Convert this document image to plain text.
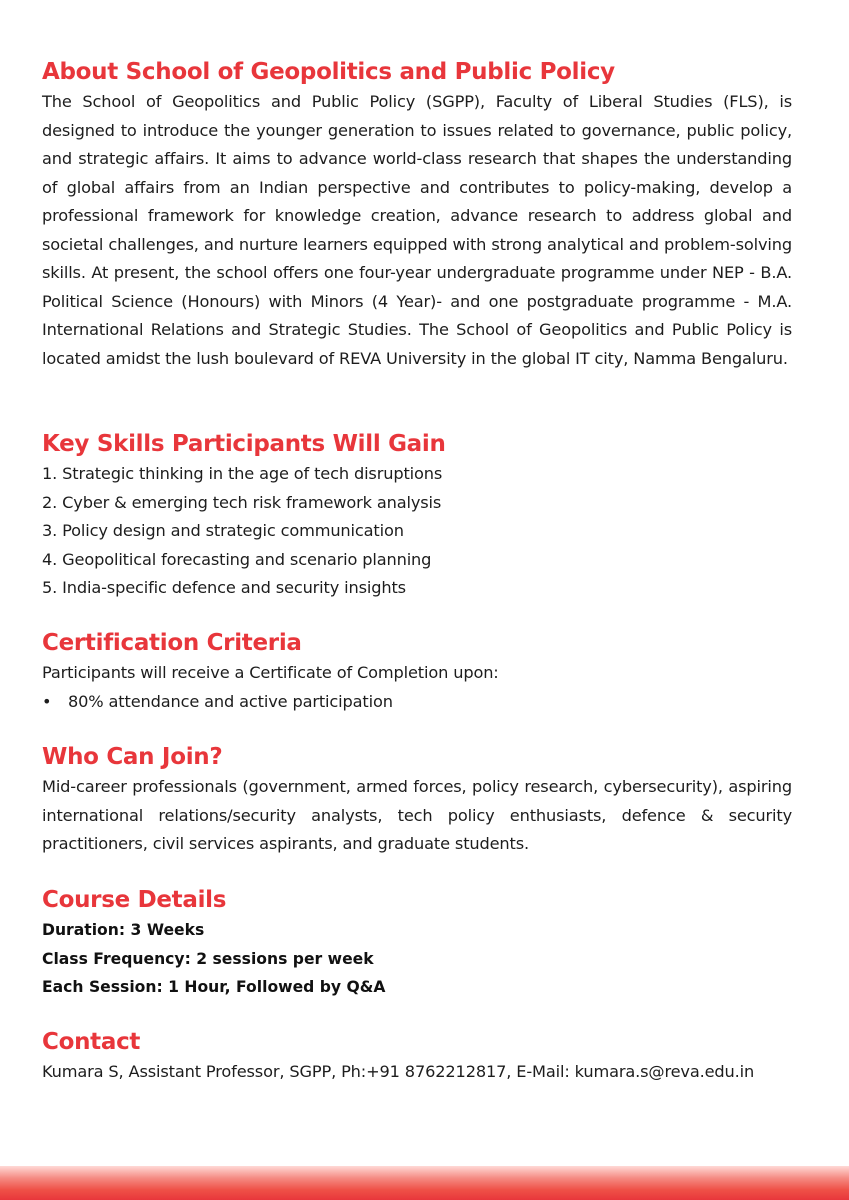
About School of Geopolitics and Public Policy

The School of Geopolitics and Public Policy (SGPP), Faculty of Liberal Studies (FLS), is designed to introduce the younger generation to issues related to governance, public policy, and strategic affairs. It aims to advance world-class research that shapes the understanding of global affairs from an Indian perspective and contributes to policy-making, develop a professional framework for knowledge creation, advance research to address global and societal challenges, and nurture learners equipped with strong analytical and problem-solving skills. At present, the school offers one four-year undergraduate programme under NEP - B.A. Political Science (Honours) with Minors (4 Year)- and one postgraduate programme - M.A. International Relations and Strategic Studies. The School of Geopolitics and Public Policy is located amidst the lush boulevard of REVA University in the global IT city, Namma Bengaluru.

Key Skills Participants Will Gain
1. Strategic thinking in the age of tech disruptions
2. Cyber & emerging tech risk framework analysis
3. Policy design and strategic communication
4. Geopolitical forecasting and scenario planning
5. India-specific defence and security insights
Certification Criteria

Participants will receive a Certificate of Completion upon:

• 80% attendance and active participation
Who Can Join?

Mid-career professionals (government, armed forces, policy research, cybersecurity), aspiring international relations/security analysts, tech policy enthusiasts, defence & security practitioners, civil services aspirants, and graduate students.

Course Details

Duration: 3 Weeks

Class Frequency: 2 sessions per week

Each Session: 1 Hour, Followed by Q&A

Contact

Kumara S, Assistant Professor, SGPP, Ph:+91 8762212817, E-Mail: kumara.s@reva.edu.in
